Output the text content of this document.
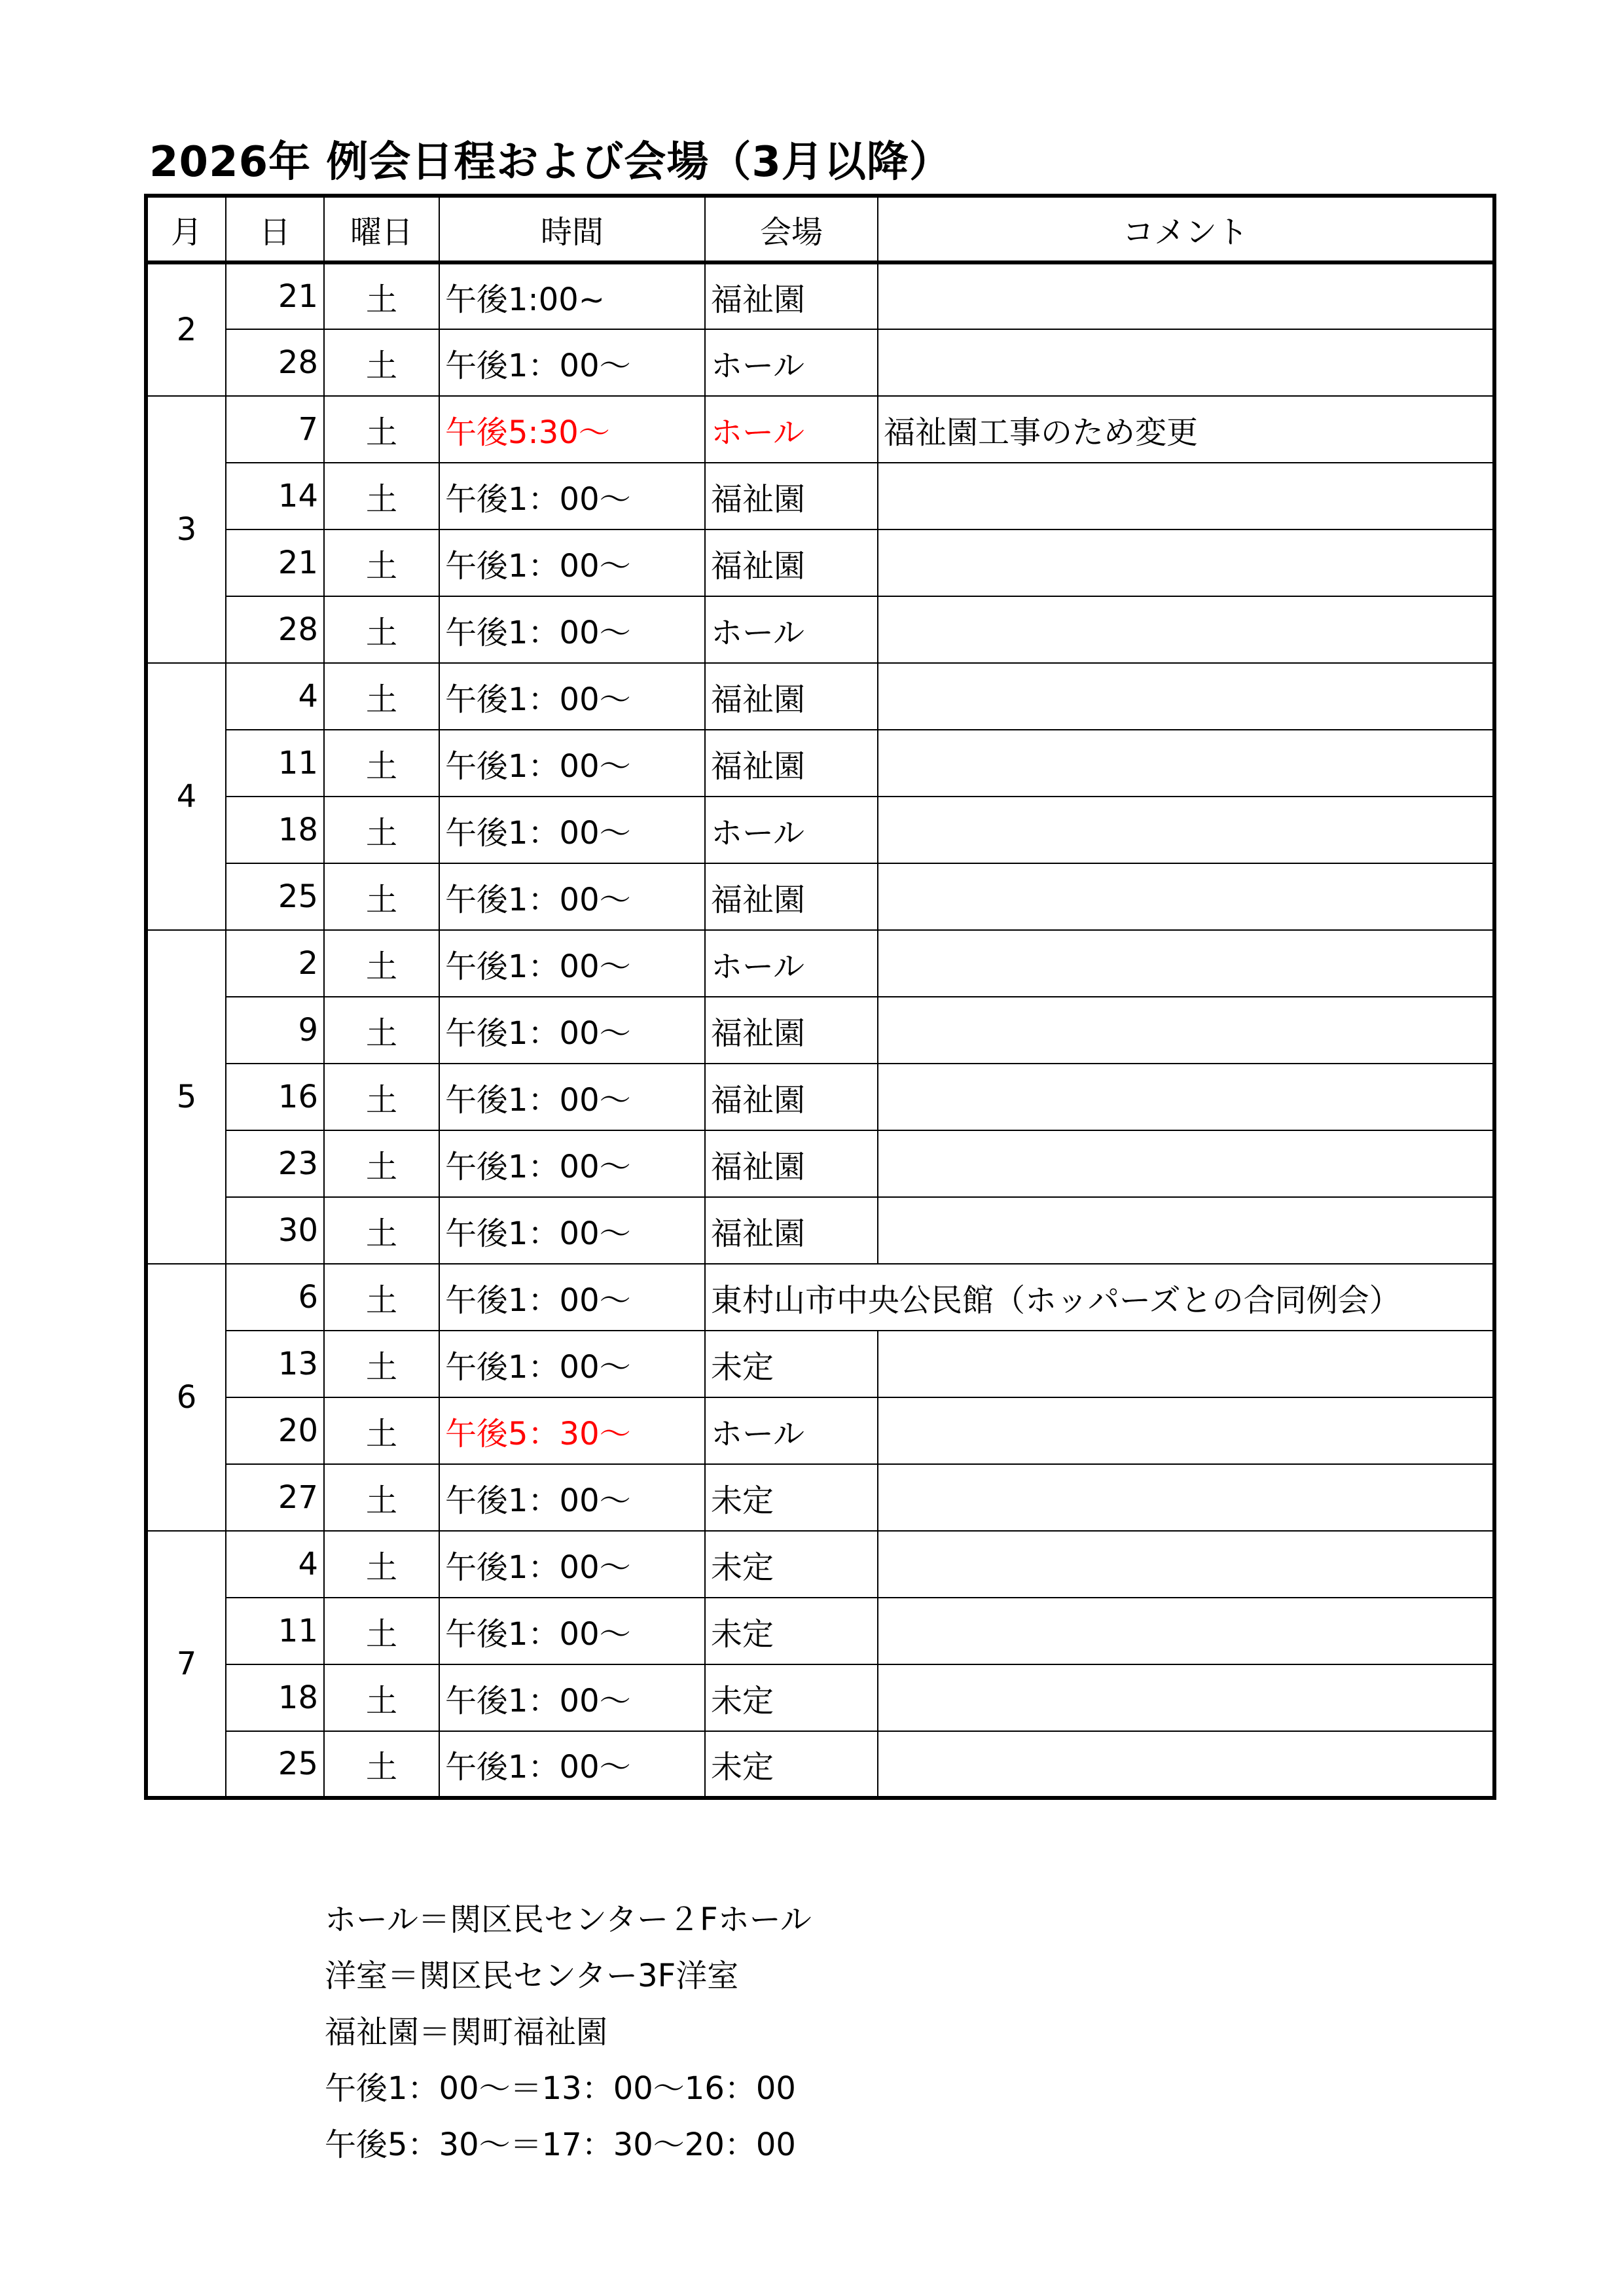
2026年 例会日程および会場（3月以降）
月	日	曜日	時間	会場	コメント
2	21	土	午後1:00~	福祉園	
	28	土	午後1：00～	ホール	
3	7	土	午後5:30～	ホール	福祉園工事のため変更
	14	土	午後1：00～	福祉園	
	21	土	午後1：00～	福祉園	
	28	土	午後1：00～	ホール	
4	4	土	午後1：00～	福祉園	
	11	土	午後1：00～	福祉園	
	18	土	午後1：00～	ホール	
	25	土	午後1：00～	福祉園	
5	2	土	午後1：00～	ホール	
	9	土	午後1：00～	福祉園	
	16	土	午後1：00～	福祉園	
	23	土	午後1：00～	福祉園	
	30	土	午後1：00～	福祉園	
6	6	土	午後1：00～	東村山市中央公民館（ホッパーズとの合同例会）	
	13	土	午後1：00～	未定	
	20	土	午後5：30～	ホール	
	27	土	午後1：00～	未定	
7	4	土	午後1：00～	未定	
	11	土	午後1：00～	未定	
	18	土	午後1：00～	未定	
	25	土	午後1：00～	未定	
ホール＝関区民センター２Fホール
洋室＝関区民センター3F洋室
福祉園＝関町福祉園
午後1：00～＝13：00～16：00
午後5：30～＝17：30～20：00
